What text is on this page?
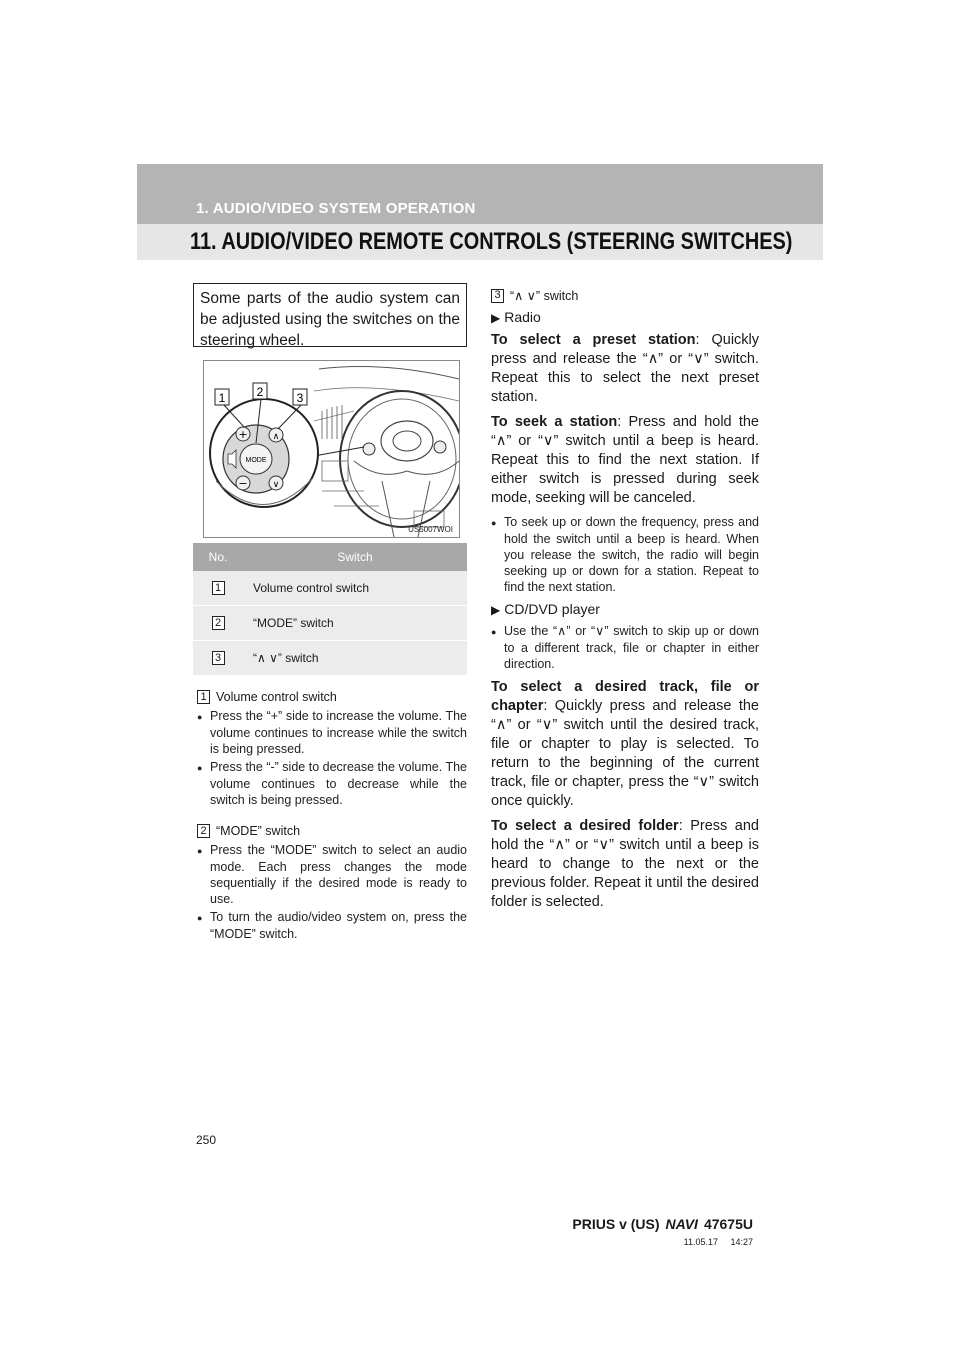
1. AUDIO/VIDEO SYSTEM OPERATION
11. AUDIO/VIDEO REMOTE CONTROLS (STEERING SWITCHES)
Some parts of the audio system can be adjusted using the switches on the steering wheel.
MODE
+
−
∧
∨
1	2	3
US5007WOI
No.	Switch
1	Volume control switch
2	“MODE” switch
3	“∧ ∨” switch
1 Volume control switch
● Press the “+” side to increase the volume. The volume continues to increase while the switch is being pressed.
● Press the “-” side to decrease the volume. The volume continues to decrease while the switch is being pressed.
2 “MODE” switch
● Press the “MODE” switch to select an audio mode. Each press changes the mode sequentially if the desired mode is ready to use.
● To turn the audio/video system on, press the “MODE” switch.
3 “∧ ∨” switch
▶ Radio
To select a preset station: Quickly press and release the “∧” or “∨” switch. Repeat this to select the next preset station.
To seek a station: Press and hold the “∧” or “∨” switch until a beep is heard. Repeat this to find the next station. If either switch is pressed during seek mode, seeking will be canceled.
● To seek up or down the frequency, press and hold the switch until a beep is heard. When you release the switch, the radio will begin seeking up or down for a station. Repeat to find the next station.
▶ CD/DVD player
● Use the “∧” or “∨” switch to skip up or down to a different track, file or chapter in either direction.
To select a desired track, file or chapter: Quickly press and release the “∧” or “∨” switch until the desired track, file or chapter to play is selected. To return to the beginning of the current track, file or chapter, press the “∨” switch once quickly.
To select a desired folder: Press and hold the “∧” or “∨” switch until a beep is heard to change to the next or the previous folder. Repeat it until the desired folder is selected.
250
PRIUS v (US) NAVI 47675U
11.05.17     14:27
